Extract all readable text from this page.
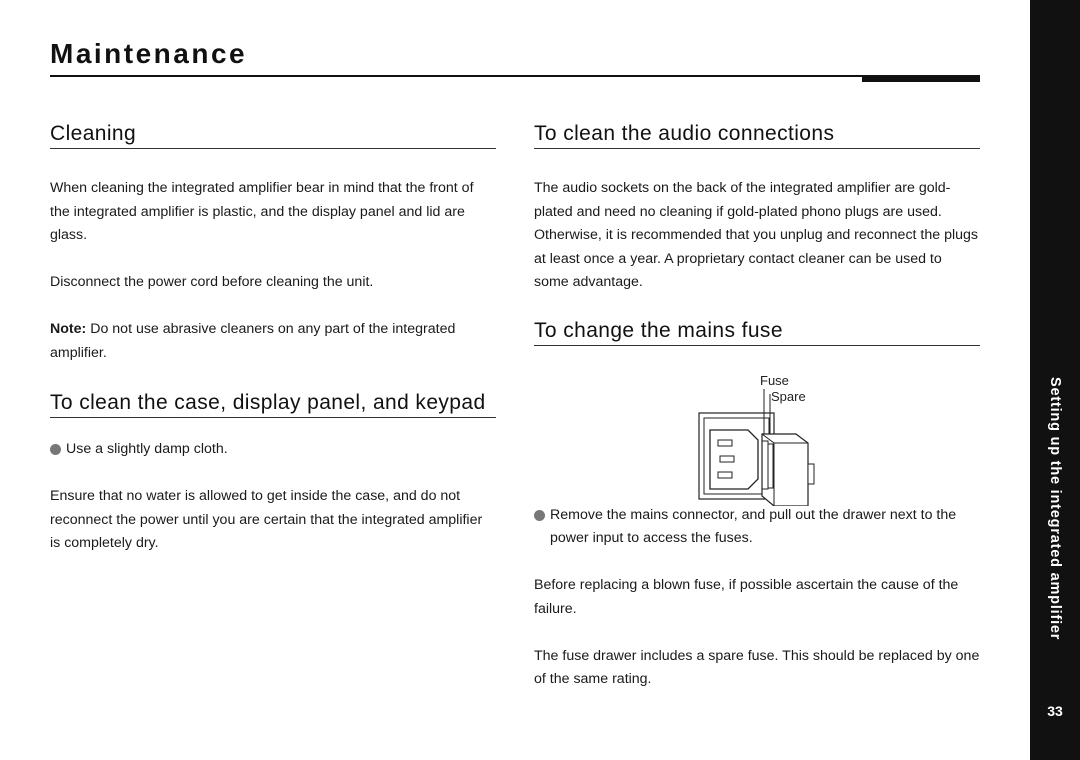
Maintenance
Cleaning

When cleaning the integrated amplifier bear in mind that the front of the integrated amplifier is plastic, and the display panel and lid are glass.

Disconnect the power cord before cleaning the unit.

Note: Do not use abrasive cleaners on any part of the integrated amplifier.

To clean the case, display panel, and keypad

Use a slightly damp cloth.

Ensure that no water is allowed to get inside the case, and do not reconnect the power until you are certain that the integrated amplifier is completely dry.

To clean the audio connections

The audio sockets on the back of the integrated amplifier are gold-plated and need no cleaning if gold-plated phono plugs are used. Otherwise, it is recommended that you unplug and reconnect the plugs at least once a year. A proprietary contact cleaner can be used to some advantage.

To change the mains fuse
Fuse
Spare

Remove the mains connector, and pull out the drawer next to the power input to access the fuses.

Before replacing a blown fuse, if possible ascertain the cause of the failure.

The fuse drawer includes a spare fuse. This should be replaced by one of the same rating.

Setting up the integrated amplifier
33
